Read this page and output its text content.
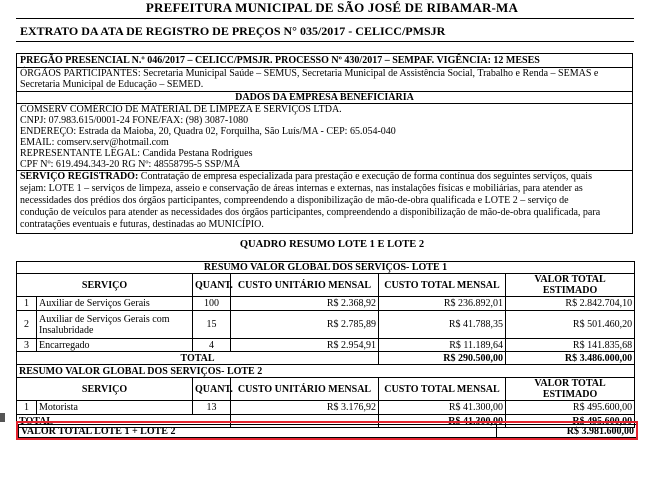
PREFEITURA MUNICIPAL DE SÃO JOSÉ DE RIBAMAR-MA
EXTRATO DA ATA DE REGISTRO DE PREÇOS N° 035/2017 - CELICC/PMSJR
PREGÃO PRESENCIAL N.º 046/2017 – CELICC/PMSJR. PROCESSO Nº 430/2017 – SEMPAF. VIGÊNCIA: 12 MESES
ÓRGÃOS PARTICIPANTES: Secretaria Municipal Saúde – SEMUS, Secretaria Municipal de Assistência Social, Trabalho e Renda – SEMAS e
Secretaria Municipal de Educação – SEMED.
DADOS DA EMPRESA BENEFICIÁRIA
COMSERV COMÉRCIO DE MATERIAL DE LIMPEZA E SERVIÇOS LTDA.
CNPJ: 07.983.615/0001-24 FONE/FAX: (98) 3087-1080
ENDEREÇO: Estrada da Maioba, 20, Quadra 02, Forquilha, São Luís/MA - CEP: 65.054-040
EMAIL: comserv.serv@hotmail.com
REPRESENTANTE LEGAL: Candida Pestana Rodrigues
CPF Nº: 619.494.343-20 RG Nº: 48558795-5 SSP/MA
SERVIÇO REGISTRADO: Contratação de empresa especializada para prestação e execução de forma contínua dos seguintes serviços, quais
sejam: LOTE 1 – serviços de limpeza, asseio e conservação de áreas internas e externas, nas instalações físicas e mobiliárias, para atender as
necessidades dos prédios dos órgãos participantes, compreendendo a disponibilização de mão-de-obra qualificada e LOTE 2 – serviço de
condução de veículos para atender as necessidades dos órgãos participantes, compreendendo a disponibilização de mão-de-obra qualificada, para
contratações eventuais e futuras, destinadas ao MUNICÍPIO.
QUADRO RESUMO LOTE 1 E LOTE 2
RESUMO VALOR GLOBAL DOS SERVIÇOS- LOTE 1					
SERVIÇO		QUANT.	CUSTO UNITÁRIO MENSAL	CUSTO TOTAL MENSAL	VALOR TOTAL ESTIMADO
1	Auxiliar de Serviços Gerais	100	R$ 2.368,92	R$ 236.892,01	R$ 2.842.704,10
2	Auxiliar de Serviços Gerais com Insalubridade	15	R$ 2.785,89	R$ 41.788,35	R$ 501.460,20
3	Encarregado	4	R$ 2.954,91	R$ 11.189,64	R$ 141.835,68
TOTAL				R$ 290.500,00	R$ 3.486.000,00
RESUMO VALOR GLOBAL DOS SERVIÇOS- LOTE 2					
SERVIÇO		QUANT.	CUSTO UNITÁRIO MENSAL	CUSTO TOTAL MENSAL	VALOR TOTAL ESTIMADO
1	Motorista	13	R$ 3.176,92	R$ 41.300,00	R$ 495.600,00
TOTAL				R$ 41.300,00	R$ 495.600,00
VALOR TOTAL LOTE 1 + LOTE 2	R$ 3.981.600,00
